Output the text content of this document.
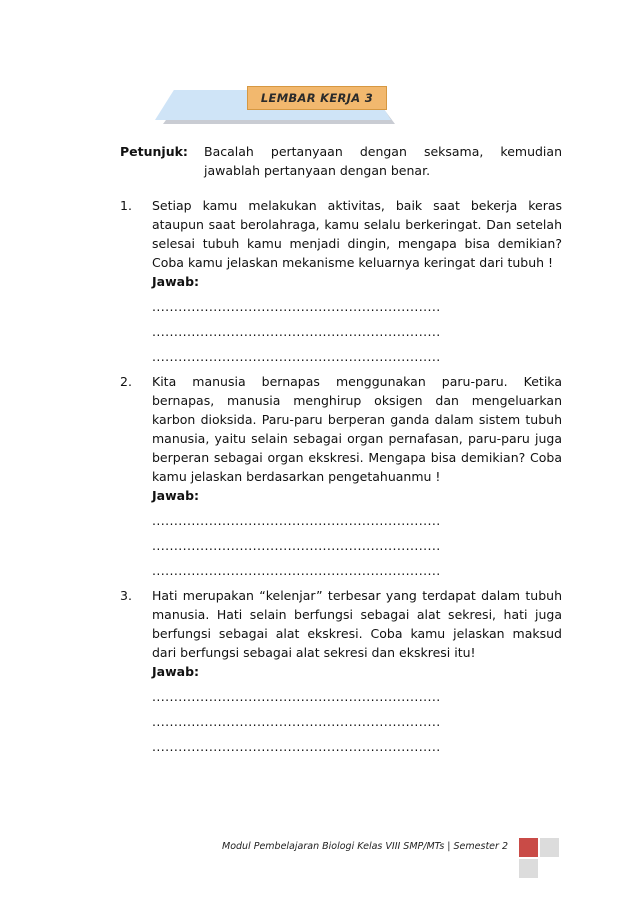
LEMBAR KERJA 3
Petunjuk: Bacalah pertanyaan dengan seksama, kemudian jawablah pertanyaan dengan benar.
1. Setiap kamu melakukan aktivitas, baik saat bekerja keras ataupun saat berolahraga, kamu selalu berkeringat. Dan setelah selesai tubuh kamu menjadi dingin, mengapa bisa demikian? Coba kamu jelaskan mekanisme keluarnya keringat dari tubuh !
Jawab:
..................................................................
..................................................................
..................................................................
2. Kita manusia bernapas menggunakan paru-paru. Ketika bernapas, manusia menghirup oksigen dan mengeluarkan karbon dioksida. Paru-paru berperan ganda dalam sistem tubuh manusia, yaitu selain sebagai organ pernafasan, paru-paru juga berperan sebagai organ ekskresi. Mengapa bisa demikian? Coba kamu jelaskan berdasarkan pengetahuanmu !
Jawab:
..................................................................
..................................................................
..................................................................
3. Hati merupakan “kelenjar” terbesar yang terdapat dalam tubuh manusia. Hati selain berfungsi sebagai alat sekresi, hati juga berfungsi sebagai alat ekskresi. Coba kamu jelaskan maksud dari berfungsi sebagai alat sekresi dan ekskresi itu!
Jawab:
..................................................................
..................................................................
..................................................................
Modul Pembelajaran Biologi Kelas VIII SMP/MTs | Semester 2
